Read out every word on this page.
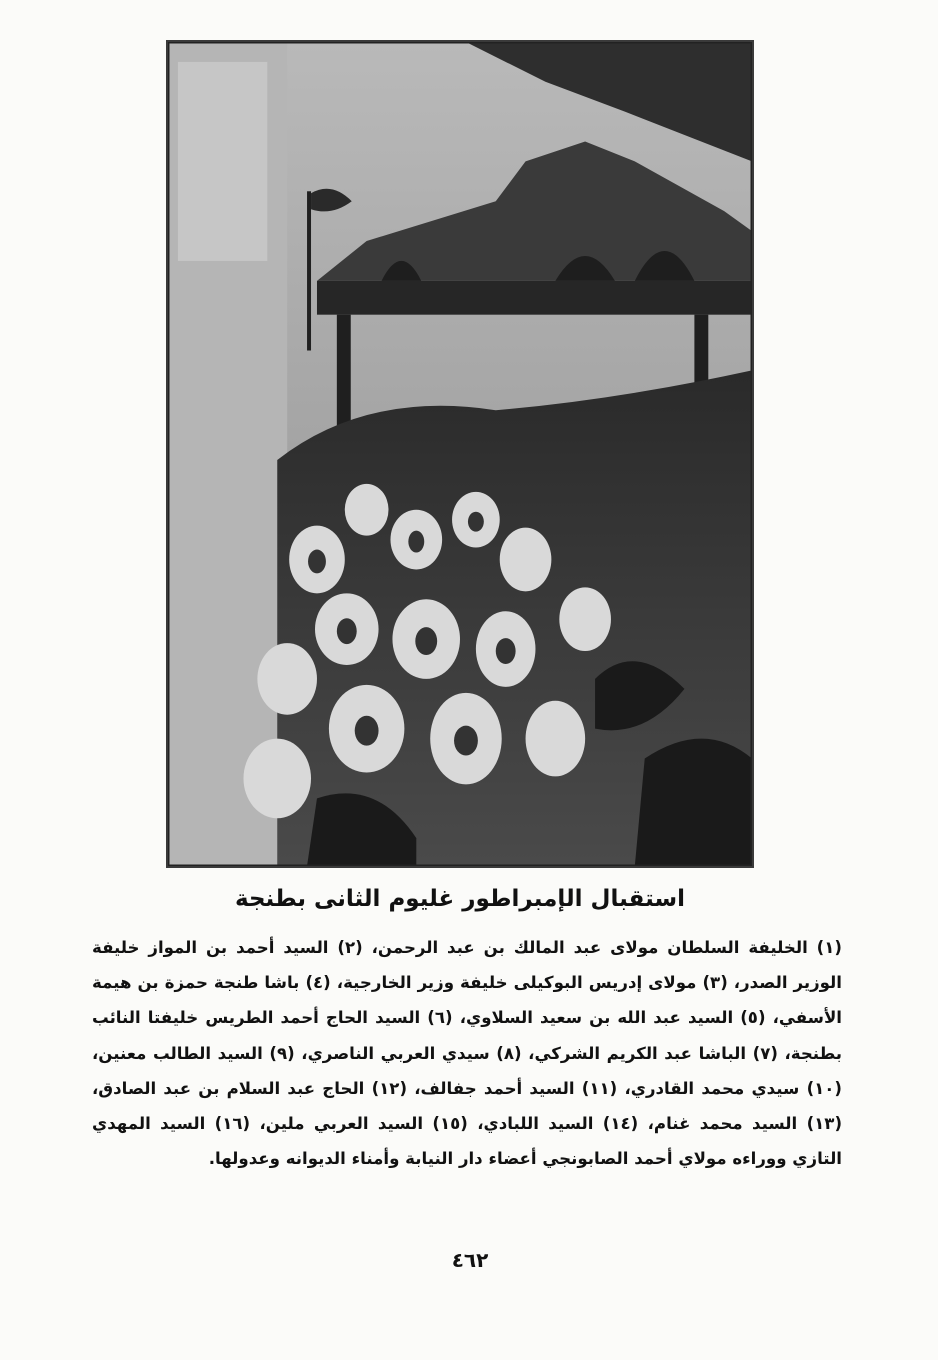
استقبال الإمبراطور غليوم الثانى بطنجة
(١) الخليفة السلطان مولاى عبد المالك بن عبد الرحمن، (٢) السيد أحمد بن المواز خليفة الوزير الصدر، (٣) مولاى إدريس البوكيلى خليفة وزير الخارجية، (٤) باشا طنجة حمزة بن هيمة الأسفي، (٥) السيد عبد الله بن سعيد السلاوي، (٦) السيد الحاج أحمد الطريس خليفتا النائب بطنجة، (٧) الباشا عبد الكريم الشركي، (٨) سيدي العربي الناصري، (٩) السيد الطالب معنين، (١٠) سيدي محمد القادري، (١١) السيد أحمد جفالف، (١٢) الحاج عبد السلام بن عبد الصادق، (١٣) السيد محمد غنام، (١٤) السيد اللبادي، (١٥) السيد العربي ملين، (١٦) السيد المهدي التازي ووراءه مولاي أحمد الصابونجي أعضاء دار النيابة وأمناء الديوانه وعدولها.
٤٦٢
